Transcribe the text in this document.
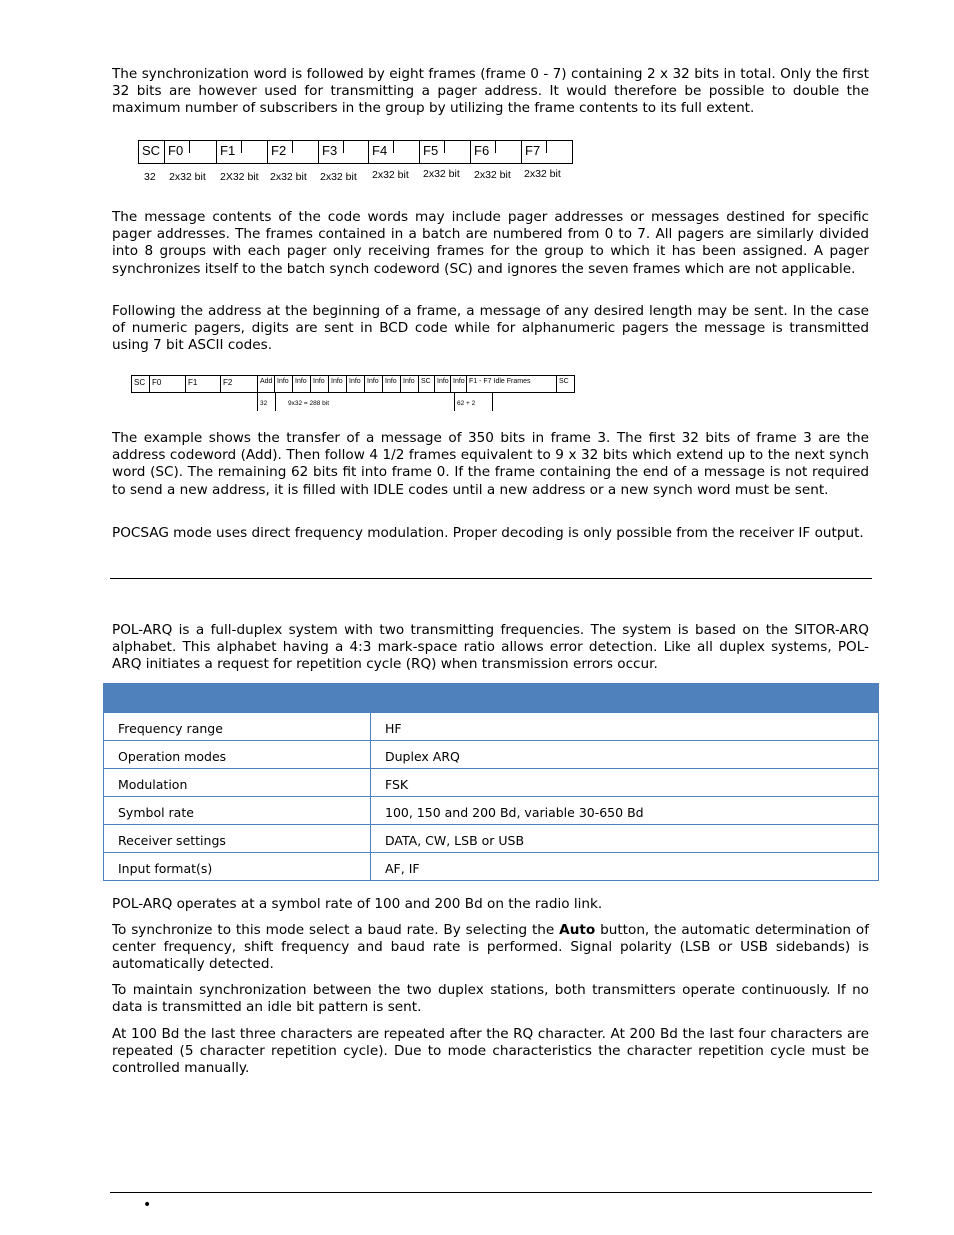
The synchronization word is followed by eight frames (frame 0 - 7) containing 2 x 32 bits in total. Only the first 32 bits are however used for transmitting a pager address. It would therefore be possible to double the maximum number of subscribers in the group by utilizing the frame contents to its full extent.

SC F0	F1	F2	F3	F4	F5	F6	F7
32 2x32 bit 2X32 bit 2x32 bit 2x32 bit 2x32 bit 2x32 bit 2x32 bit 2x32 bit

The message contents of the code words may include pager addresses or messages destined for specific pager addresses. The frames contained in a batch are numbered from 0 to 7. All pagers are similarly divided into 8 groups with each pager only receiving frames for the group to which it has been assigned. A pager synchronizes itself to the batch synch codeword (SC) and ignores the seven frames which are not applicable.

Following the address at the beginning of a frame, a message of any desired length may be sent. In the case of numeric pagers, digits are sent in BCD code while for alphanumeric pagers the message is transmitted using 7 bit ASCII codes.

SC F0	F1	F2	Add Info Info Info Info Info Info Info Info SC Info Info F1 - F7 Idle Frames	SC
32	9x32 = 288 bit	62 + 2

The example shows the transfer of a message of 350 bits in frame 3. The first 32 bits of frame 3 are the address codeword (Add). Then follow 4 1/2 frames equivalent to 9 x 32 bits which extend up to the next synch word (SC). The remaining 62 bits fit into frame 0. If the frame containing the end of a message is not required to send a new address, it is filled with IDLE codes until a new address or a new synch word must be sent.

POCSAG mode uses direct frequency modulation. Proper decoding is only possible from the receiver IF output.

POL-ARQ is a full-duplex system with two transmitting frequencies. The system is based on the SITOR-ARQ alphabet. This alphabet having a 4:3 mark-space ratio allows error detection. Like all duplex systems, POL-ARQ initiates a request for repetition cycle (RQ) when transmission errors occur.

Frequency range	HF
Operation modes	Duplex ARQ
Modulation	FSK
Symbol rate	100, 150 and 200 Bd, variable 30-650 Bd
Receiver settings	DATA, CW, LSB or USB
Input format(s)	AF, IF

POL-ARQ operates at a symbol rate of 100 and 200 Bd on the radio link.

To synchronize to this mode select a baud rate. By selecting the Auto button, the automatic determination of center frequency, shift frequency and baud rate is performed. Signal polarity (LSB or USB sidebands) is automatically detected.

To maintain synchronization between the two duplex stations, both transmitters operate continuously. If no data is transmitted an idle bit pattern is sent.

At 100 Bd the last three characters are repeated after the RQ character. At 200 Bd the last four characters are repeated (5 character repetition cycle). Due to mode characteristics the character repetition cycle must be controlled manually.

•
